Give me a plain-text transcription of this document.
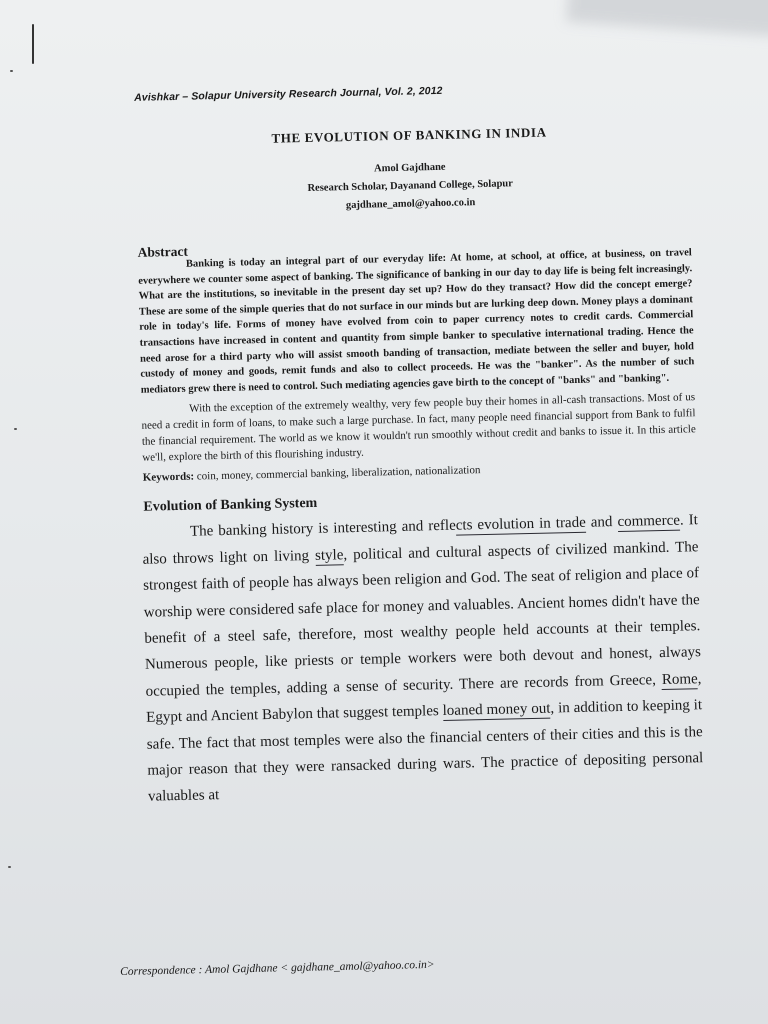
Avishkar – Solapur University Research Journal, Vol. 2, 2012
THE EVOLUTION OF BANKING IN INDIA
Amol Gajdhane
Research Scholar, Dayanand College, Solapur
gajdhane_amol@yahoo.co.in
Abstract

Banking is today an integral part of our everyday life: At home, at school, at office, at business, on travel everywhere we counter some aspect of banking. The significance of banking in our day to day life is being felt increasingly. What are the institutions, so inevitable in the present day set up? How do they transact? How did the concept emerge? These are some of the simple queries that do not surface in our minds but are lurking deep down. Money plays a dominant role in today's life. Forms of money have evolved from coin to paper currency notes to credit cards. Commercial transactions have increased in content and quantity from simple banker to speculative international trading. Hence the need arose for a third party who will assist smooth banding of transaction, mediate between the seller and buyer, hold custody of money and goods, remit funds and also to collect proceeds. He was the "banker". As the number of such mediators grew there is need to control. Such mediating agencies gave birth to the concept of "banks" and "banking".

With the exception of the extremely wealthy, very few people buy their homes in all-cash transactions. Most of us need a credit in form of loans, to make such a large purchase. In fact, many people need financial support from Bank to fulfil the financial requirement. The world as we know it wouldn't run smoothly without credit and banks to issue it. In this article we'll, explore the birth of this flourishing industry.

Keywords: coin, money, commercial banking, liberalization, nationalization
Evolution of Banking System

The banking history is interesting and reflects evolution in trade and commerce. It also throws light on living style, political and cultural aspects of civilized mankind. The strongest faith of people has always been religion and God. The seat of religion and place of worship were considered safe place for money and valuables. Ancient homes didn't have the benefit of a steel safe, therefore, most wealthy people held accounts at their temples. Numerous people, like priests or temple workers were both devout and honest, always occupied the temples, adding a sense of security. There are records from Greece, Rome, Egypt and Ancient Babylon that suggest temples loaned money out, in addition to keeping it safe. The fact that most temples were also the financial centers of their cities and this is the major reason that they were ransacked during wars. The practice of depositing personal valuables at

Correspondence : Amol Gajdhane < gajdhane_amol@yahoo.co.in>
